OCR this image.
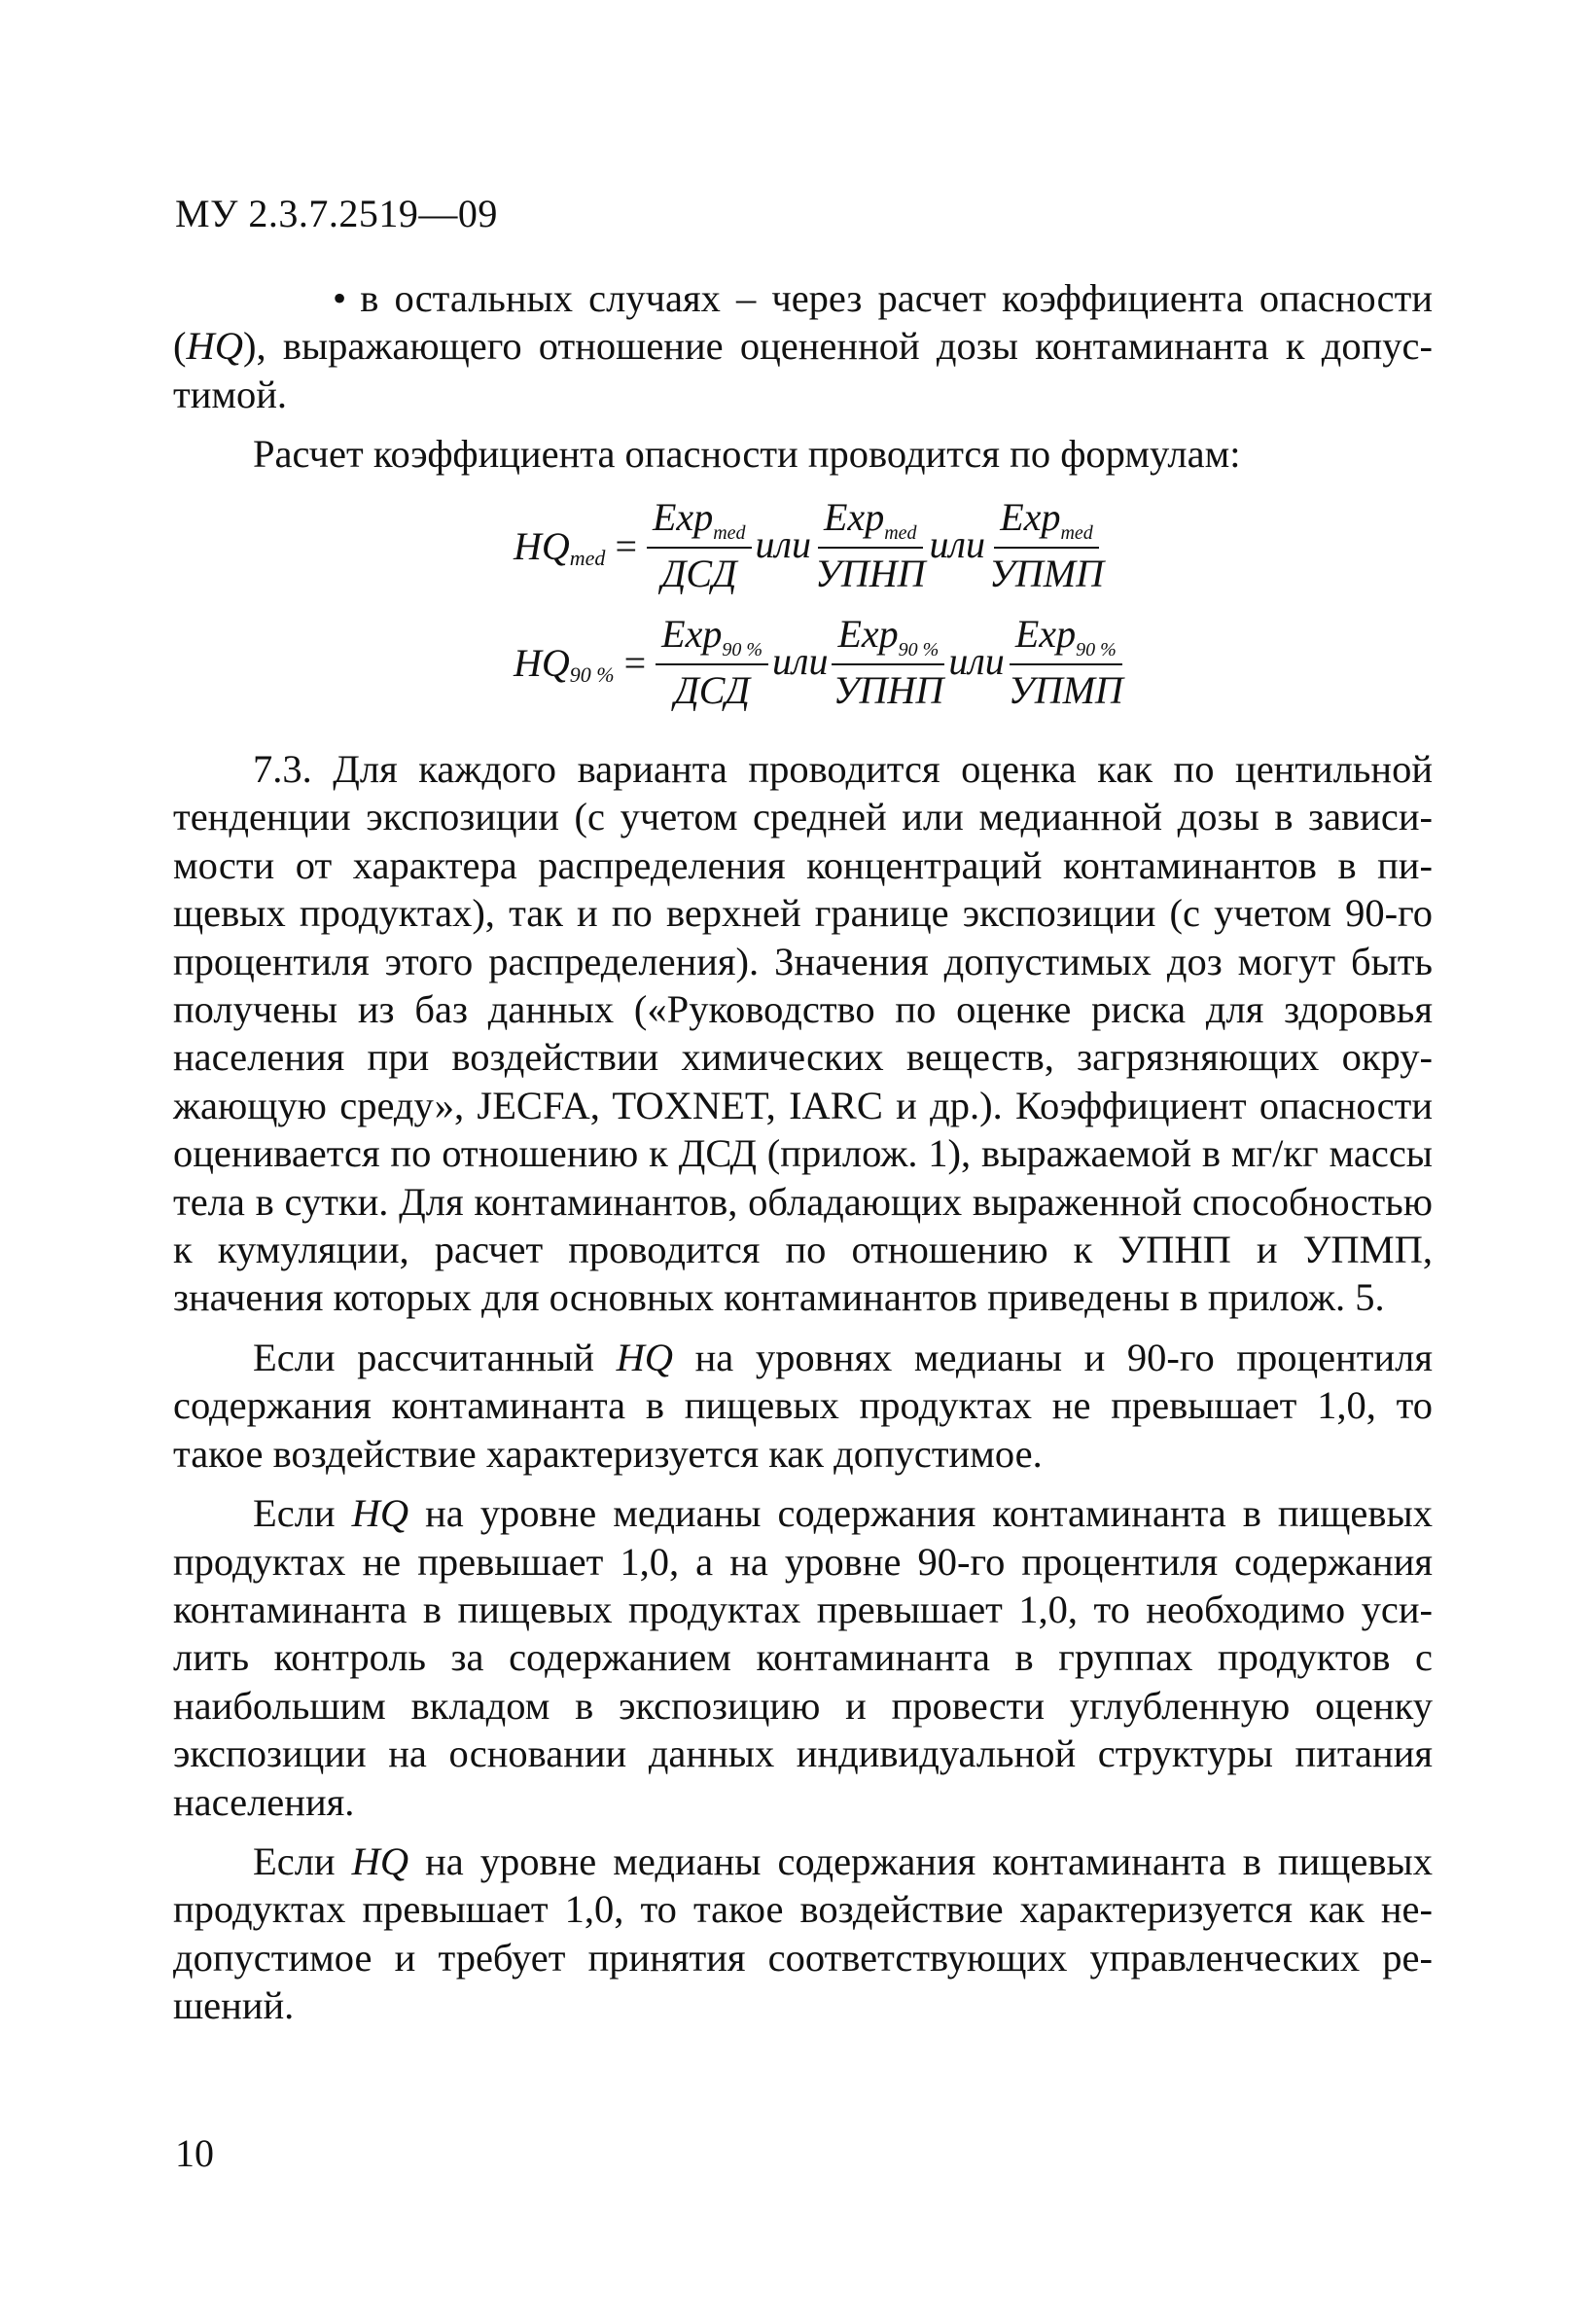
МУ 2.3.7.2519—09

• в остальных случаях – через расчет коэффициента опасности (HQ), выражающего отношение оцененной дозы контаминанта к допустимой.

Расчет коэффициента опасности проводится по формулам:

$HQ_{med} = \frac{Exp_{med}}{\text{ДСД}}$ или $\frac{Exp_{med}}{\text{УПНП}}$ или $\frac{Exp_{med}}{\text{УПМП}}$
$HQ_{90 \%} = \frac{Exp_{90 \%}}{\text{ДСД}}$ или $\frac{Exp_{90 \%}}{\text{УПНП}}$ или $\frac{Exp_{90 \%}}{\text{УПМП}}$

7.3. Для каждого варианта проводится оценка как по центильной тенденции экспозиции (с учетом средней или медианной дозы в зависимости от характера распределения концентраций контаминантов в пищевых продуктах), так и по верхней границе экспозиции (с учетом 90-го процентиля этого распределения). Значения допустимых доз могут быть получены из баз данных («Руководство по оценке риска для здоровья населения при воздействии химических веществ, загрязняющих окружающую среду», JECFA, TOXNET, IARC и др.). Коэффициент опасности оценивается по отношению к ДСД (прилож. 1), выражаемой в мг/кг массы тела в сутки. Для контаминантов, обладающих выраженной способностью к кумуляции, расчет проводится по отношению к УПНП и УПМП, значения которых для основных контаминантов приведены в прилож. 5.

Если рассчитанный HQ на уровнях медианы и 90-го процентиля содержания контаминанта в пищевых продуктах не превышает 1,0, то такое воздействие характеризуется как допустимое.

Если HQ на уровне медианы содержания контаминанта в пищевых продуктах не превышает 1,0, а на уровне 90-го процентиля содержания контаминанта в пищевых продуктах превышает 1,0, то необходимо усилить контроль за содержанием контаминанта в группах продуктов с наибольшим вкладом в экспозицию и провести углубленную оценку экспозиции на основании данных индивидуальной структуры питания населения.

Если HQ на уровне медианы содержания контаминанта в пищевых продуктах превышает 1,0, то такое воздействие характеризуется как недопустимое и требует принятия соответствующих управленческих решений.

10
